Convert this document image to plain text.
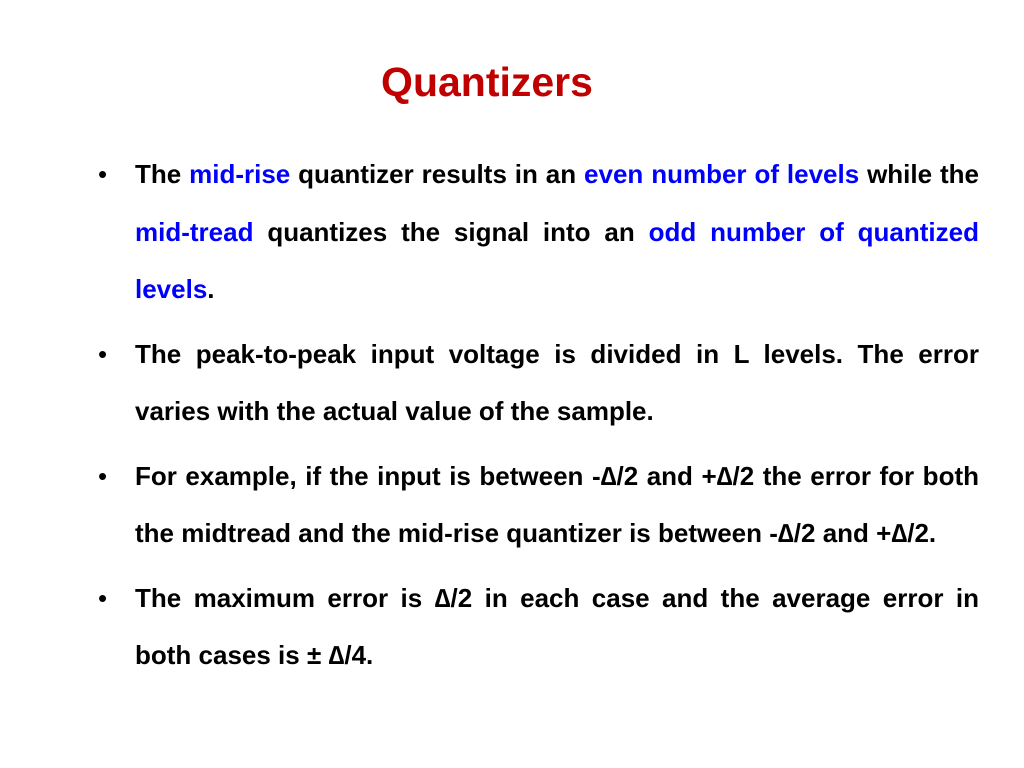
Quantizers
• The mid-rise quantizer results in an even number of levels while the mid-tread quantizes the signal into an odd number of quantized levels.
• The peak-to-peak input voltage is divided in L levels. The error varies with the actual value of the sample.
• For example, if the input is between -∆/2 and +∆/2 the error for both the midtread and the mid-rise quantizer is between -∆/2 and +∆/2.
• The maximum error is ∆/2 in each case and the average error in both cases is ± ∆/4.
